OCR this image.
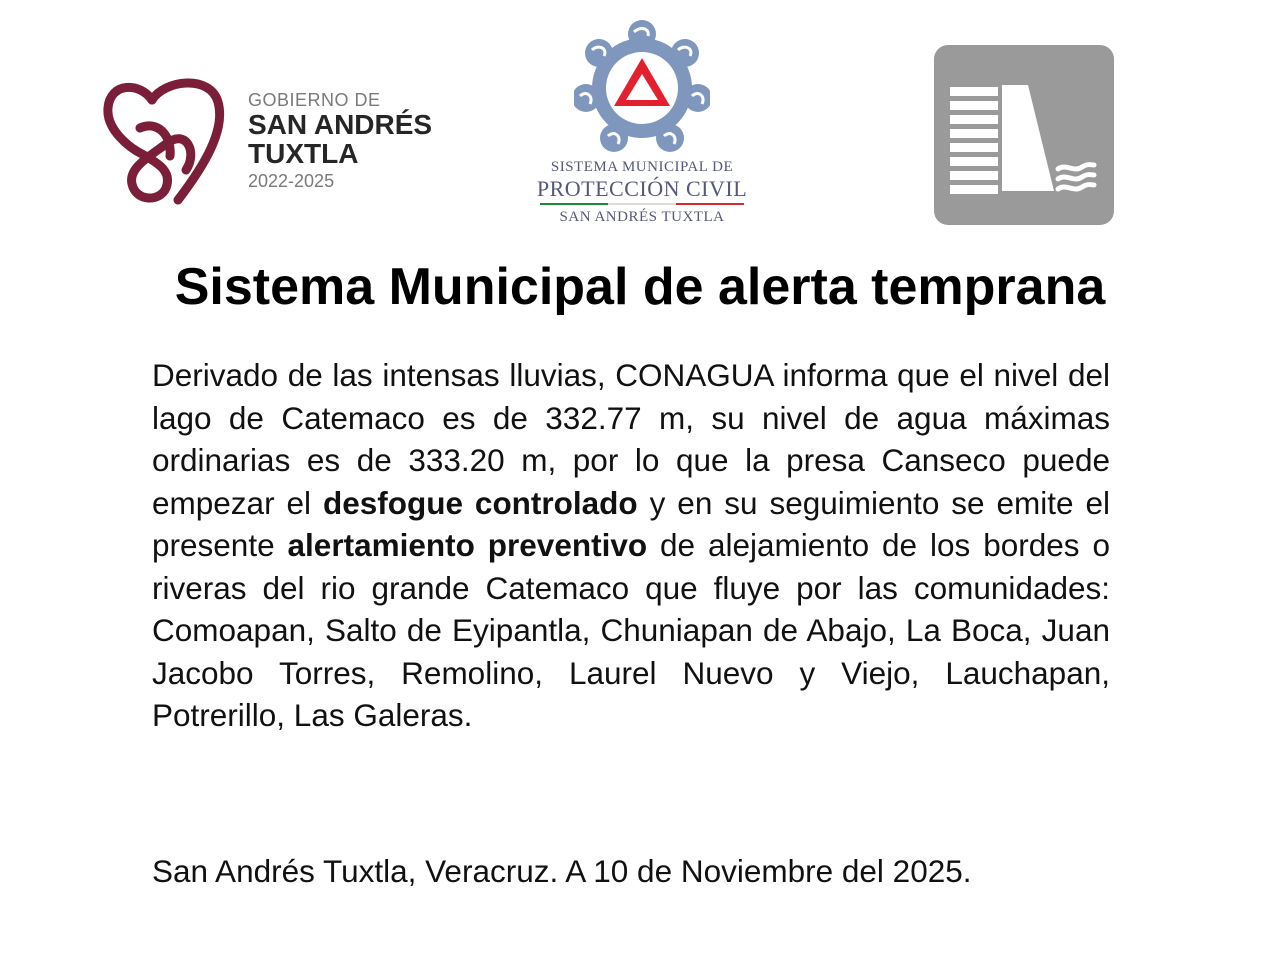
GOBIERNO DE
SAN ANDRÉS
TUXTLA
2022-2025
SISTEMA MUNICIPAL DE
PROTECCIÓN CIVIL
SAN ANDRÉS TUXTLA
Sistema Municipal de alerta temprana
Derivado de las intensas lluvias, CONAGUA informa que el nivel del lago de Catemaco es de 332.77 m, su nivel de agua máximas ordinarias es de 333.20 m, por lo que la presa Canseco puede empezar el desfogue controlado y en su seguimiento se emite el presente alertamiento preventivo de alejamiento de los bordes o riveras del rio grande Catemaco que fluye por las comunidades: Comoapan, Salto de Eyipantla, Chuniapan de Abajo, La Boca, Juan Jacobo Torres, Remolino, Laurel Nuevo y Viejo, Lauchapan, Potrerillo, Las Galeras.
San Andrés Tuxtla, Veracruz. A 10 de Noviembre del 2025.
